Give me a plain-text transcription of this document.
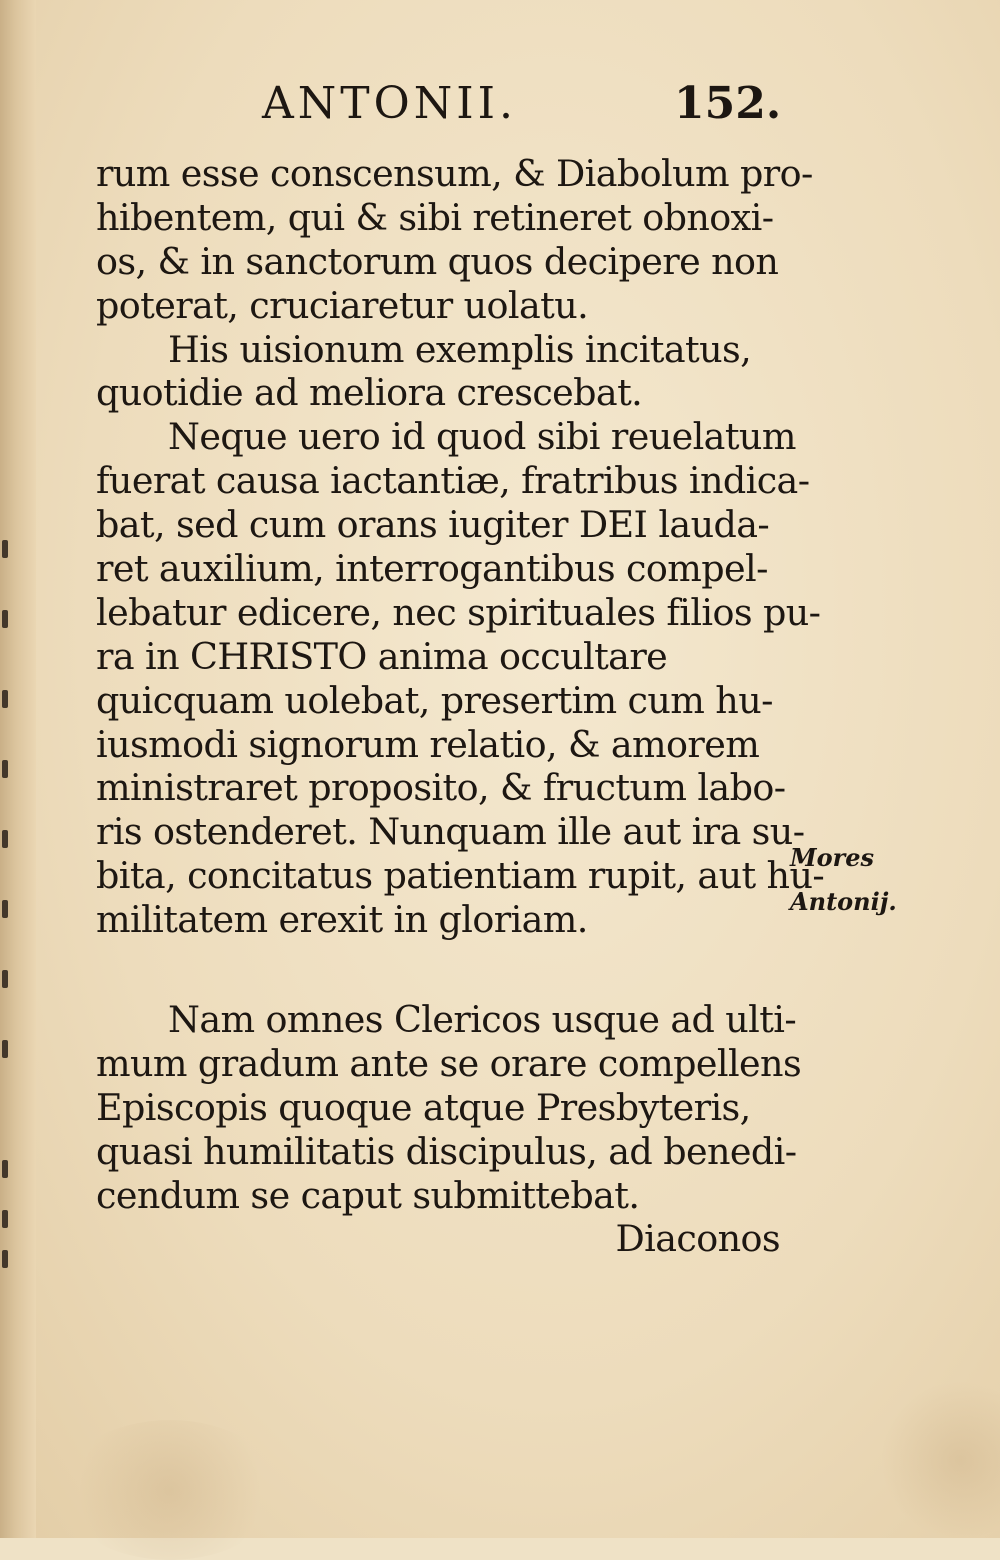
ANTONII.	152.
rum esse conscensum, & Diabolum pro-
hibentem, qui & sibi retineret obnoxi-
os, & in sanctorum quos decipere non
poterat, cruciaretur uolatu.
His uisionum exemplis incitatus,
quotidie ad meliora crescebat.
Neque uero id quod sibi reuelatum
fuerat causa iactantiæ, fratribus indica-
bat, sed cum orans iugiter DEI lauda-
ret auxilium, interrogantibus compel-
lebatur edicere, nec spirituales filios pu-
ra in CHRISTO anima occultare
quicquam uolebat, presertim cum hu-
iusmodi signorum relatio, & amorem
ministraret proposito, & fructum labo-
ris ostenderet. Nunquam ille aut ira su-
bita, concitatus patientiam rupit, aut hu-
militatem erexit in gloriam.
Nam omnes Clericos usque ad ulti-
mum gradum ante se orare compellens
Episcopis quoque atque Presbyteris,
quasi humilitatis discipulus, ad benedi-
cendum se caput submittebat.
Diaconos
Mores
Antonij.
